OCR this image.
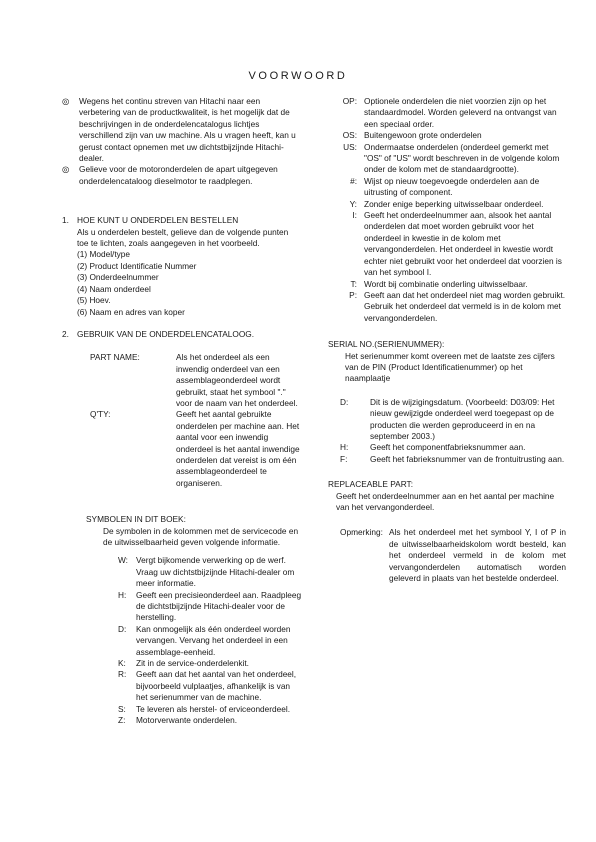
VOORWOORD
◎	Wegens het continu streven van Hitachi naar een verbetering van de productkwaliteit, is het mogelijk dat de beschrijvingen in de onderdelencatalogus lichtjes verschillend zijn van uw machine. Als u vragen heeft, kan u gerust contact opnemen met uw dichtstbijzijnde Hitachi-dealer.
◎	Gelieve voor de motoronderdelen de apart uitgegeven onderdelencataloog dieselmotor te raadplegen.
1. HOE KUNT U ONDERDELEN BESTELLEN
Als u onderdelen bestelt, gelieve dan de volgende punten toe te lichten, zoals aangegeven in het voorbeeld.
(1) Model/type
(2) Product Identificatie Nummer
(3) Onderdeelnummer
(4) Naam onderdeel
(5) Hoev.
(6) Naam en adres van koper
2. GEBRUIK VAN DE ONDERDELENCATALOOG.
PART NAME:	Als het onderdeel als een inwendig onderdeel van een assemblageonderdeel wordt gebruikt, staat het symbool "." voor de naam van het onderdeel.
Q'TY:	Geeft het aantal gebruikte onderdelen per machine aan. Het aantal voor een inwendig onderdeel is het aantal inwendige onderdelen dat vereist is om één assemblageonderdeel te organiseren.
SYMBOLEN IN DIT BOEK:
De symbolen in de kolommen met de servicecode en de uitwisselbaarheid geven volgende informatie.
W: Vergt bijkomende verwerking op de werf. Vraag uw dichtstbijzijnde Hitachi-dealer om meer informatie.
H:	Geeft een precisieonderdeel aan. Raadpleeg de dichtstbijzijnde Hitachi-dealer voor de herstelling.
D:	Kan onmogelijk als één onderdeel worden vervangen. Vervang het onderdeel in een assemblage-eenheid.
K:	Zit in de service-onderdelenkit.
R:	Geeft aan dat het aantal van het onderdeel, bijvoorbeeld vulplaatjes, afhankelijk is van het serienummer van de machine.
S:	Te leveren als herstel- of erviceonderdeel.
Z:	Motorverwante onderdelen.
OP: Optionele onderdelen die niet voorzien zijn op het standaardmodel. Worden geleverd na ontvangst van een speciaal order.
OS: Buitengewoon grote onderdelen
US: Ondermaatse onderdelen (onderdeel gemerkt met "OS" of "US" wordt beschreven in de volgende kolom onder de kolom met de standaardgrootte).
#: Wijst op nieuw toegevoegde onderdelen aan de uitrusting of component.
Y: Zonder enige beperking uitwisselbaar onderdeel.
I: Geeft het onderdeelnummer aan, alsook het aantal onderdelen dat moet worden gebruikt voor het onderdeel in kwestie in de kolom met vervangonderdelen. Het onderdeel in kwestie wordt echter niet gebruikt voor het onderdeel dat voorzien is van het symbool I.
T: Wordt bij combinatie onderling uitwisselbaar.
P: Geeft aan dat het onderdeel niet mag worden gebruikt. Gebruik het onderdeel dat vermeld is in de kolom met vervangonderdelen.
SERIAL NO.(SERIENUMMER):
Het serienummer komt overeen met de laatste zes cijfers van de PIN (Product Identificatienummer) op het naamplaatje
D:	Dit is de wijzigingsdatum. (Voorbeeld: D03/09: Het nieuw gewijzigde onderdeel werd toegepast op de producten die werden geproduceerd in en na september 2003.)
H:	Geeft het componentfabrieksnummer aan.
F:	Geeft het fabrieksnummer van de frontuitrusting aan.
REPLACEABLE PART:
Geeft het onderdeelnummer aan en het aantal per machine van het vervangonderdeel.
Opmerking: Als het onderdeel met het symbool Y, I of P in de uitwisselbaarheidskolom wordt besteld, kan het onderdeel vermeld in de kolom met vervangonderdelen automatisch worden geleverd in plaats van het bestelde onderdeel.
